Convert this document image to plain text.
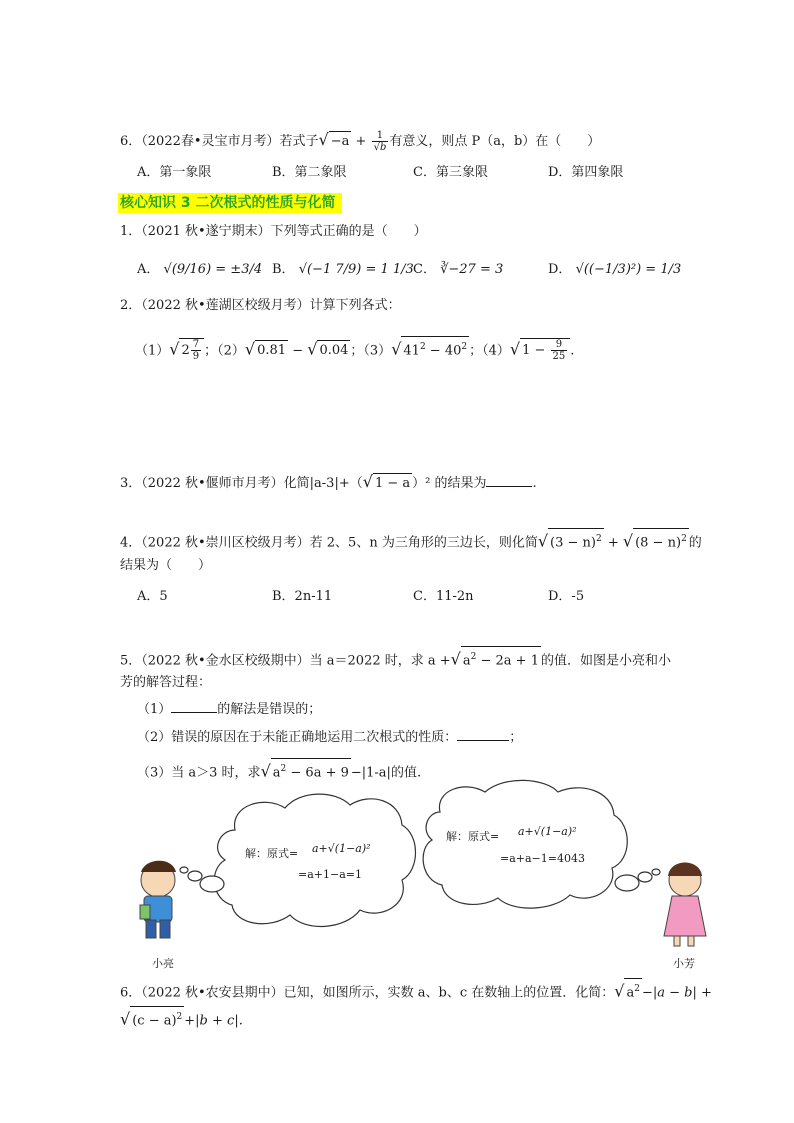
6．（2022春•灵宝市月考）若式子√ $-a + \frac{1}{√b}$ 有意义，则点 P（a，b）在（　　）
A．第一象限	B．第二象限	C．第三象限	D．第四象限
核心知识 3 二次根式的性质与化简
1．（2021 秋•遂宁期末）下列等式正确的是（　　）
A． √(9/16) = ±3/4 B． √(−1 7/9) = 1 1/3 C． ∛−27 = 3	D． √((−1/3)²) = 1/3
2．（2022 秋•莲湖区校级月考）计算下列各式：
（1）√ $2 \frac{7}{9}$ ；（2）√ 0.81 − √ 0.04 ；（3）√ $41^2 - 40^2$ ；（4）√ $1 - \frac{9}{25}$ .
3．（2022 秋•偃师市月考）化简|a-3|+（√ 1 − a ）² 的结果为	.
4．（2022 秋•崇川区校级月考）若 2、5、n 为三角形的三边长，则化简√ $(3 - n)^2$ + √ $(8 - n)^2$ 的
结果为（　　）
A．5	B．2n-11	C．11-2n	D．-5
5．（2022 秋•金水区校级期中）当 a＝2022 时，求 a +√ $a^2 - 2a + 1$ 的值．如图是小亮和小
芳的解答过程：
（1）	的解法是错误的；
（2）错误的原因在于未能正确地运用二次根式的性质：	；
（3）当 a＞3 时，求√ $a^2 - 6a + 9 -|1-a|$的值.
解：原式= a+√(1−a)²
=a+1−a=1
解：原式= a+√(1−a)²
=a+a−1=4043
小亮	小芳
6．（2022 秋•农安县期中）已知，如图所示，实数 a、b、c 在数轴上的位置．化简：√ $a^2 -|a - b|$ +
√ $(c - a)^2 +|b + c|$.
